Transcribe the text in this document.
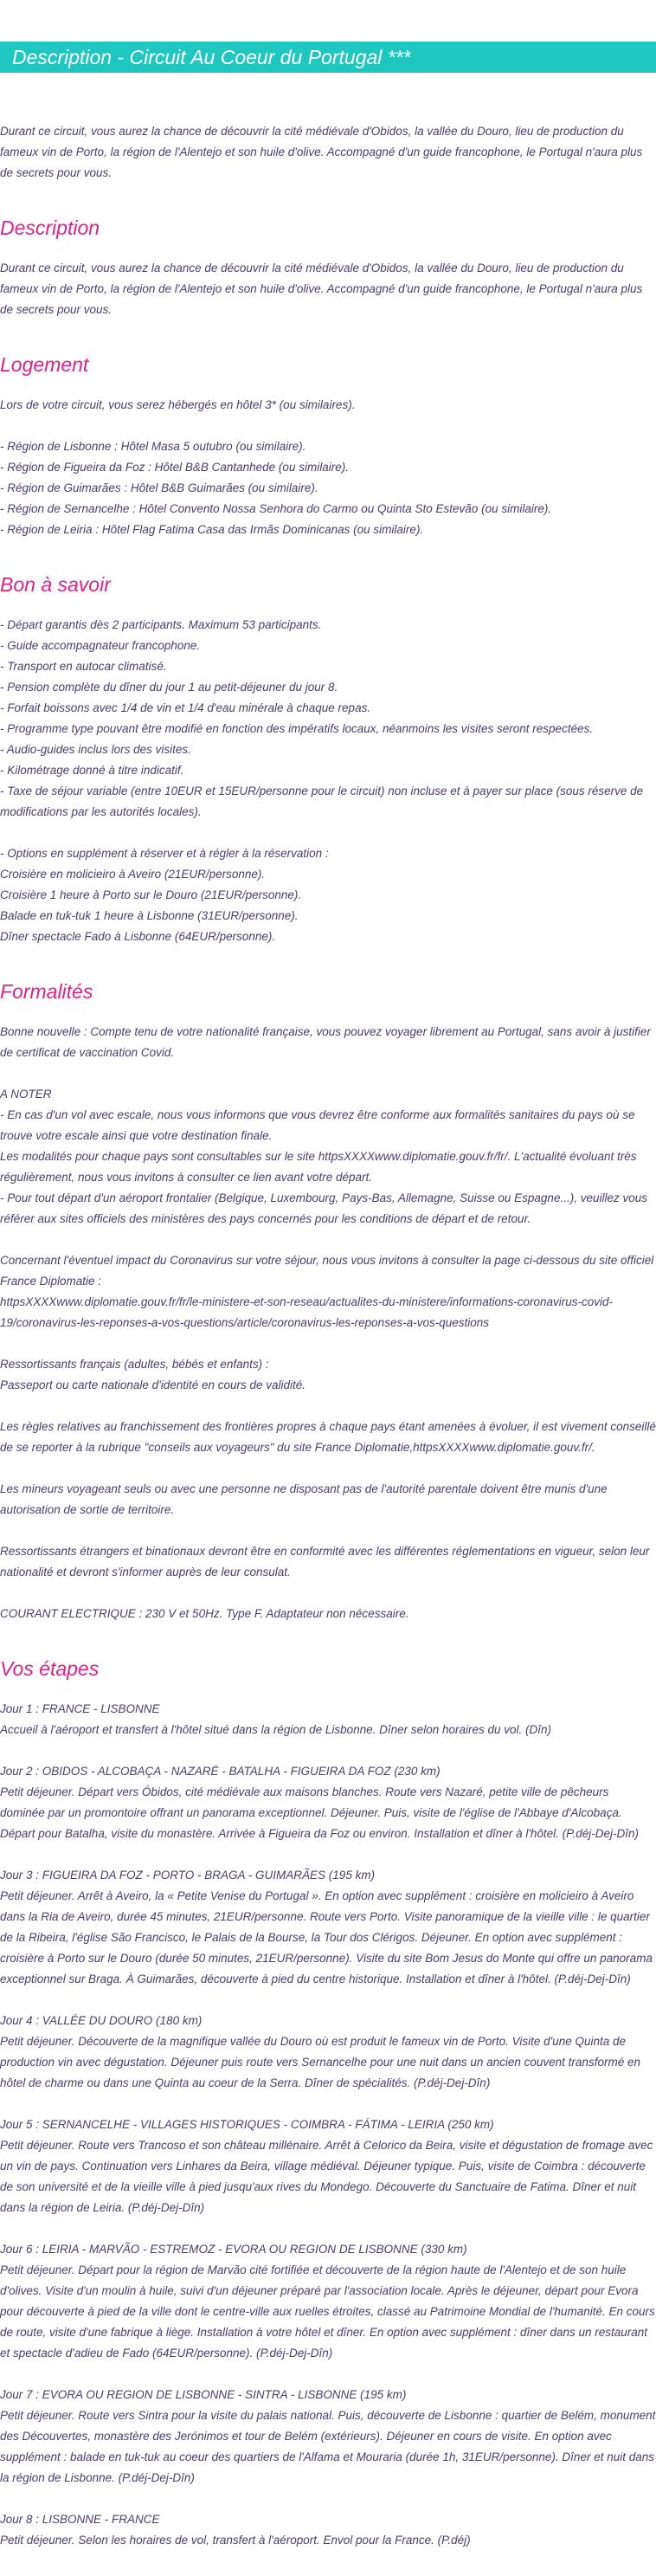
Description - Circuit Au Coeur du Portugal ***

Durant ce circuit, vous aurez la chance de découvrir la cité médiévale d'Obidos, la vallée du Douro, lieu de production du fameux vin de Porto, la région de l'Alentejo et son huile d'olive. Accompagné d'un guide francophone, le Portugal n'aura plus de secrets pour vous.

Description
Durant ce circuit, vous aurez la chance de découvrir la cité médiévale d'Obidos, la vallée du Douro, lieu de production du fameux vin de Porto, la région de l'Alentejo et son huile d'olive. Accompagné d'un guide francophone, le Portugal n'aura plus de secrets pour vous.
Logement
Lors de votre circuit, vous serez hébergés en hôtel 3* (ou similaires).
- Région de Lisbonne : Hôtel Masa 5 outubro (ou similaire).
- Région de Figueira da Foz : Hôtel B&B Cantanhede (ou similaire).
- Région de Guimarães : Hôtel B&B Guimarães (ou similaire).
- Région de Sernancelhe : Hôtel Convento Nossa Senhora do Carmo ou Quinta Sto Estevão (ou similaire).
- Région de Leiria : Hôtel Flag Fatima Casa das Irmãs Dominicanas (ou similaire).
Bon à savoir
- Départ garantis dès 2 participants. Maximum 53 participants.
- Guide accompagnateur francophone.
- Transport en autocar climatisé.
- Pension complète du dîner du jour 1 au petit-déjeuner du jour 8.
- Forfait boissons avec 1/4 de vin et 1/4 d'eau minérale à chaque repas.
- Programme type pouvant être modifié en fonction des impératifs locaux, néanmoins les visites seront respectées.
- Audio-guides inclus lors des visites.
- Kilométrage donné à titre indicatif.
- Taxe de séjour variable (entre 10EUR et 15EUR/personne pour le circuit) non incluse et à payer sur place (sous réserve de modifications par les autorités locales).
- Options en supplément à réserver et à régler à la réservation :
Croisière en molicieiro à Aveiro (21EUR/personne).
Croisière 1 heure à Porto sur le Douro (21EUR/personne).
Balade en tuk-tuk 1 heure à Lisbonne (31EUR/personne).
Dîner spectacle Fado à Lisbonne (64EUR/personne).
Formalités
Bonne nouvelle : Compte tenu de votre nationalité française, vous pouvez voyager librement au Portugal, sans avoir à justifier de certificat de vaccination Covid.
A NOTER
- En cas d'un vol avec escale, nous vous informons que vous devrez être conforme aux formalités sanitaires du pays où se trouve votre escale ainsi que votre destination finale.
Les modalités pour chaque pays sont consultables sur le site httpsXXXXwww.diplomatie.gouv.fr/fr/. L'actualité évoluant très régulièrement, nous vous invitons à consulter ce lien avant votre départ.
- Pour tout départ d'un aéroport frontalier (Belgique, Luxembourg, Pays-Bas, Allemagne, Suisse ou Espagne...), veuillez vous référer aux sites officiels des ministères des pays concernés pour les conditions de départ et de retour.
Concernant l'éventuel impact du Coronavirus sur votre séjour, nous vous invitons à consulter la page ci-dessous du site officiel France Diplomatie :
httpsXXXXwww.diplomatie.gouv.fr/fr/le-ministere-et-son-reseau/actualites-du-ministere/informations-coronavirus-covid-19/coronavirus-les-reponses-a-vos-questions/article/coronavirus-les-reponses-a-vos-questions
Ressortissants français (adultes, bébés et enfants) :
Passeport ou carte nationale d'identité en cours de validité.
Les règles relatives au franchissement des frontières propres à chaque pays étant amenées à évoluer, il est vivement conseillé de se reporter à la rubrique "conseils aux voyageurs" du site France Diplomatie,httpsXXXXwww.diplomatie.gouv.fr/.
Les mineurs voyageant seuls ou avec une personne ne disposant pas de l'autorité parentale doivent être munis d'une autorisation de sortie de territoire.
Ressortissants étrangers et binationaux devront être en conformité avec les différentes réglementations en vigueur, selon leur nationalité et devront s'informer auprès de leur consulat.
COURANT ELECTRIQUE : 230 V et 50Hz. Type F. Adaptateur non nécessaire.
Vos étapes
Jour 1 : FRANCE - LISBONNE
Accueil à l'aéroport et transfert à l'hôtel situé dans la région de Lisbonne. Dîner selon horaires du vol. (Dîn)
Jour 2 : OBIDOS - ALCOBAÇA - NAZARÉ - BATALHA - FIGUEIRA DA FOZ (230 km)
Petit déjeuner. Départ vers Óbidos, cité médiévale aux maisons blanches. Route vers Nazaré, petite ville de pêcheurs dominée par un promontoire offrant un panorama exceptionnel. Déjeuner. Puis, visite de l'église de l'Abbaye d'Alcobaça. Départ pour Batalha, visite du monastère. Arrivée à Figueira da Foz ou environ. Installation et dîner à l'hôtel. (P.déj-Dej-Dîn)
Jour 3 : FIGUEIRA DA FOZ - PORTO - BRAGA - GUIMARÃES (195 km)
Petit déjeuner. Arrêt à Aveiro, la « Petite Venise du Portugal ». En option avec supplément : croisière en molicieiro à Aveiro dans la Ria de Aveiro, durée 45 minutes, 21EUR/personne. Route vers Porto. Visite panoramique de la vieille ville : le quartier de la Ribeira, l'église São Francisco, le Palais de la Bourse, la Tour dos Clérigos. Déjeuner. En option avec supplément : croisière à Porto sur le Douro (durée 50 minutes, 21EUR/personne). Visite du site Bom Jesus do Monte qui offre un panorama exceptionnel sur Braga. À Guimarães, découverte à pied du centre historique. Installation et dîner à l'hôtel. (P.déj-Dej-Dîn)
Jour 4 : VALLÉE DU DOURO (180 km)
Petit déjeuner. Découverte de la magnifique vallée du Douro où est produit le fameux vin de Porto. Visite d'une Quinta de production vin avec dégustation. Déjeuner puis route vers Sernancelhe pour une nuit dans un ancien couvent transformé en hôtel de charme ou dans une Quinta au coeur de la Serra. Dîner de spécialités. (P.déj-Dej-Dîn)
Jour 5 : SERNANCELHE - VILLAGES HISTORIQUES - COIMBRA - FÁTIMA - LEIRIA (250 km)
Petit déjeuner. Route vers Trancoso et son château millénaire. Arrêt à Celorico da Beira, visite et dégustation de fromage avec un vin de pays. Continuation vers Linhares da Beira, village médiéval. Déjeuner typique. Puis, visite de Coimbra : découverte de son université et de la vieille ville à pied jusqu'aux rives du Mondego. Découverte du Sanctuaire de Fatima. Dîner et nuit dans la région de Leiria. (P.déj-Dej-Dîn)
Jour 6 : LEIRIA - MARVÃO - ESTREMOZ - EVORA OU REGION DE LISBONNE (330 km)
Petit déjeuner. Départ pour la région de Marvão cité fortifiée et découverte de la région haute de l'Alentejo et de son huile d'olives. Visite d'un moulin à huile, suivi d'un déjeuner préparé par l'association locale. Après le déjeuner, départ pour Evora pour découverte à pied de la ville dont le centre-ville aux ruelles étroites, classé au Patrimoine Mondial de l'humanité. En cours de route, visite d'une fabrique à liège. Installation à votre hôtel et dîner. En option avec supplément : dîner dans un restaurant et spectacle d'adieu de Fado (64EUR/personne). (P.déj-Dej-Dîn)
Jour 7 : EVORA OU REGION DE LISBONNE - SINTRA - LISBONNE (195 km)
Petit déjeuner. Route vers Sintra pour la visite du palais national. Puis, découverte de Lisbonne : quartier de Belém, monument des Découvertes, monastère des Jerónimos et tour de Belém (extérieurs). Déjeuner en cours de visite. En option avec supplément : balade en tuk-tuk au coeur des quartiers de l'Alfama et Mouraria (durée 1h, 31EUR/personne). Dîner et nuit dans la région de Lisbonne. (P.déj-Dej-Dîn)
Jour 8 : LISBONNE - FRANCE
Petit déjeuner. Selon les horaires de vol, transfert à l'aéroport. Envol pour la France. (P.déj)
